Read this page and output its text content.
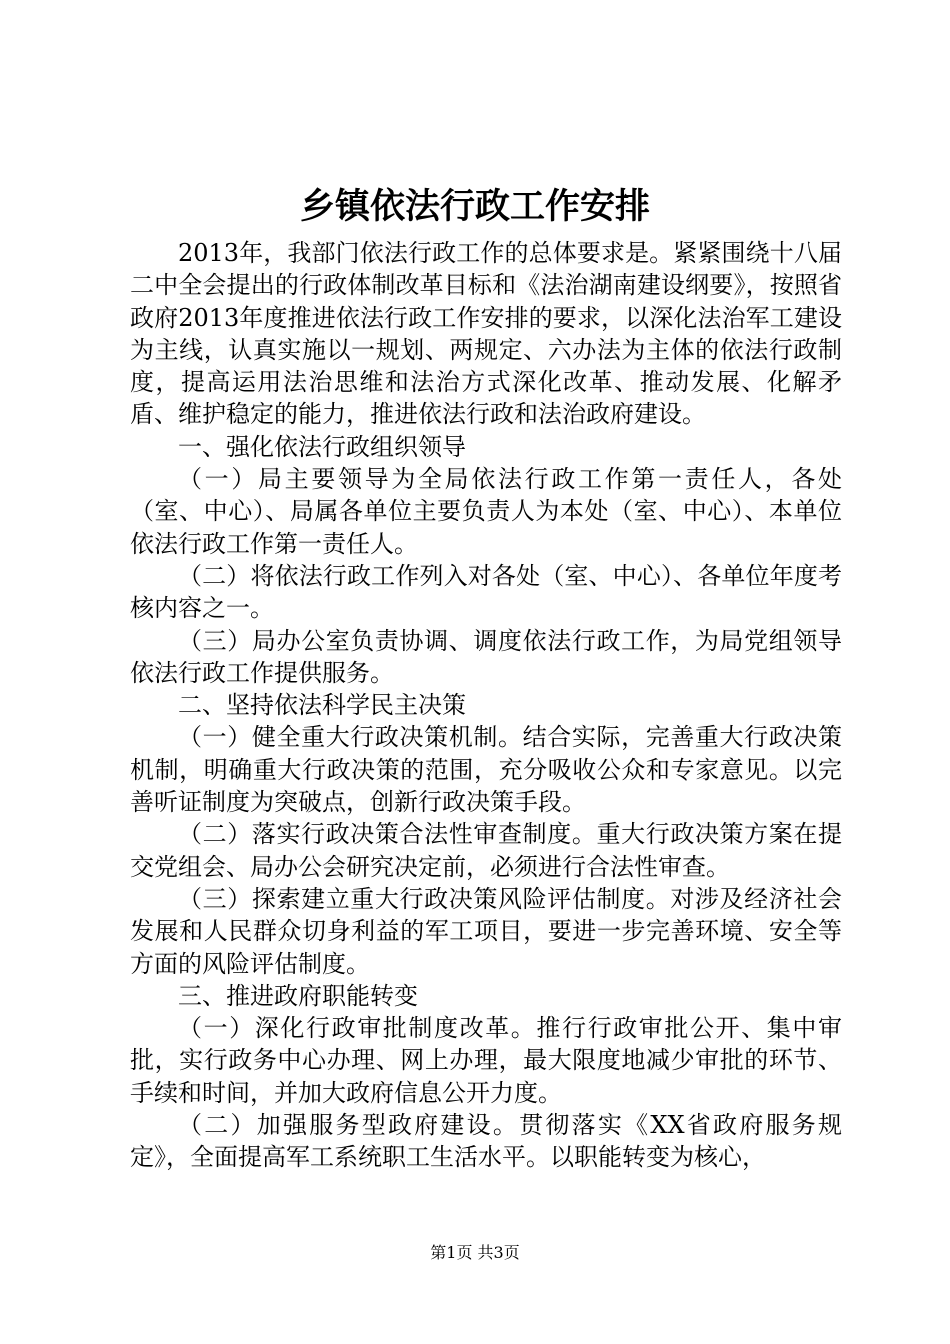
乡镇依法行政工作安排

2013年，我部门依法行政工作的总体要求是。紧紧围绕十八届二中全会提出的行政体制改革目标和《法治湖南建设纲要》，按照省政府2013年度推进依法行政工作安排的要求，以深化法治军工建设为主线，认真实施以一规划、两规定、六办法为主体的依法行政制度，提高运用法治思维和法治方式深化改革、推动发展、化解矛盾、维护稳定的能力，推进依法行政和法治政府建设。

一、强化依法行政组织领导

（一）局主要领导为全局依法行政工作第一责任人，各处（室、中心）、局属各单位主要负责人为本处（室、中心）、本单位依法行政工作第一责任人。

（二）将依法行政工作列入对各处（室、中心）、各单位年度考核内容之一。

（三）局办公室负责协调、调度依法行政工作，为局党组领导依法行政工作提供服务。

二、坚持依法科学民主决策

（一）健全重大行政决策机制。结合实际，完善重大行政决策机制，明确重大行政决策的范围，充分吸收公众和专家意见。以完善听证制度为突破点，创新行政决策手段。

（二）落实行政决策合法性审查制度。重大行政决策方案在提交党组会、局办公会研究决定前，必须进行合法性审查。

（三）探索建立重大行政决策风险评估制度。对涉及经济社会发展和人民群众切身利益的军工项目，要进一步完善环境、安全等方面的风险评估制度。

三、推进政府职能转变

（一）深化行政审批制度改革。推行行政审批公开、集中审批，实行政务中心办理、网上办理，最大限度地减少审批的环节、手续和时间，并加大政府信息公开力度。

（二）加强服务型政府建设。贯彻落实《XX省政府服务规定》，全面提高军工系统职工生活水平。以职能转变为核心，

第1页 共3页
